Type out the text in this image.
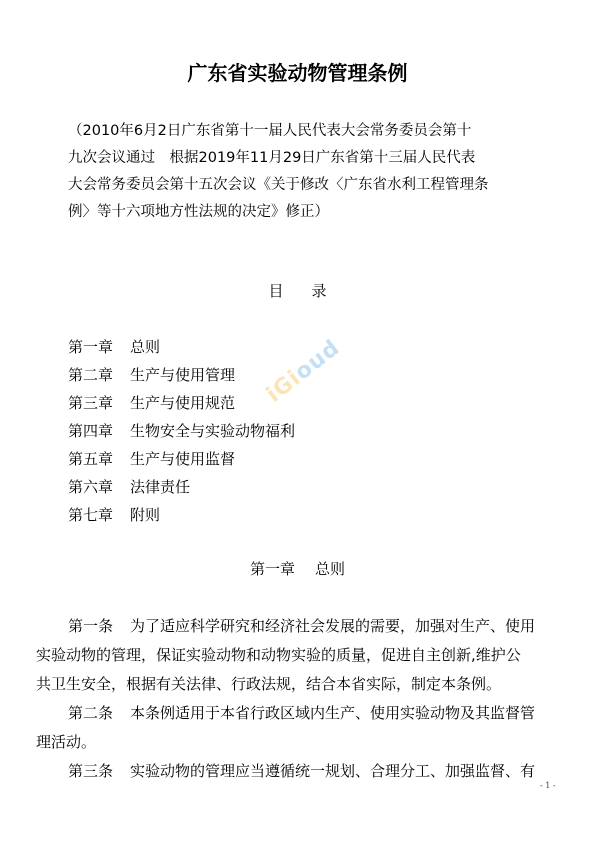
广东省实验动物管理条例

（2010年6月2日广东省第十一届人民代表大会常务委员会第十

九次会议通过　根据2019年11月29日广东省第十三届人民代表

大会常务委员会第十五次会议《关于修改〈广东省水利工程管理条

例〉等十六项地方性法规的决定》修正）

目 录
第一章 总则
第二章 生产与使用管理
第三章 生产与使用规范
第四章 生物安全与实验动物福利
第五章 生产与使用监督
第六章 法律责任
第七章 附则
第一章 总则

第一条 为了适应科学研究和经济社会发展的需要，加强对生产、使用

实验动物的管理，保证实验动物和动物实验的质量，促进自主创新,维护公

共卫生安全，根据有关法律、行政法规，结合本省实际，制定本条例。

第二条 本条例适用于本省行政区域内生产、使用实验动物及其监督管

理活动。

第三条 实验动物的管理应当遵循统一规划、合理分工、加强监督、有

- 1 -
iGioud
